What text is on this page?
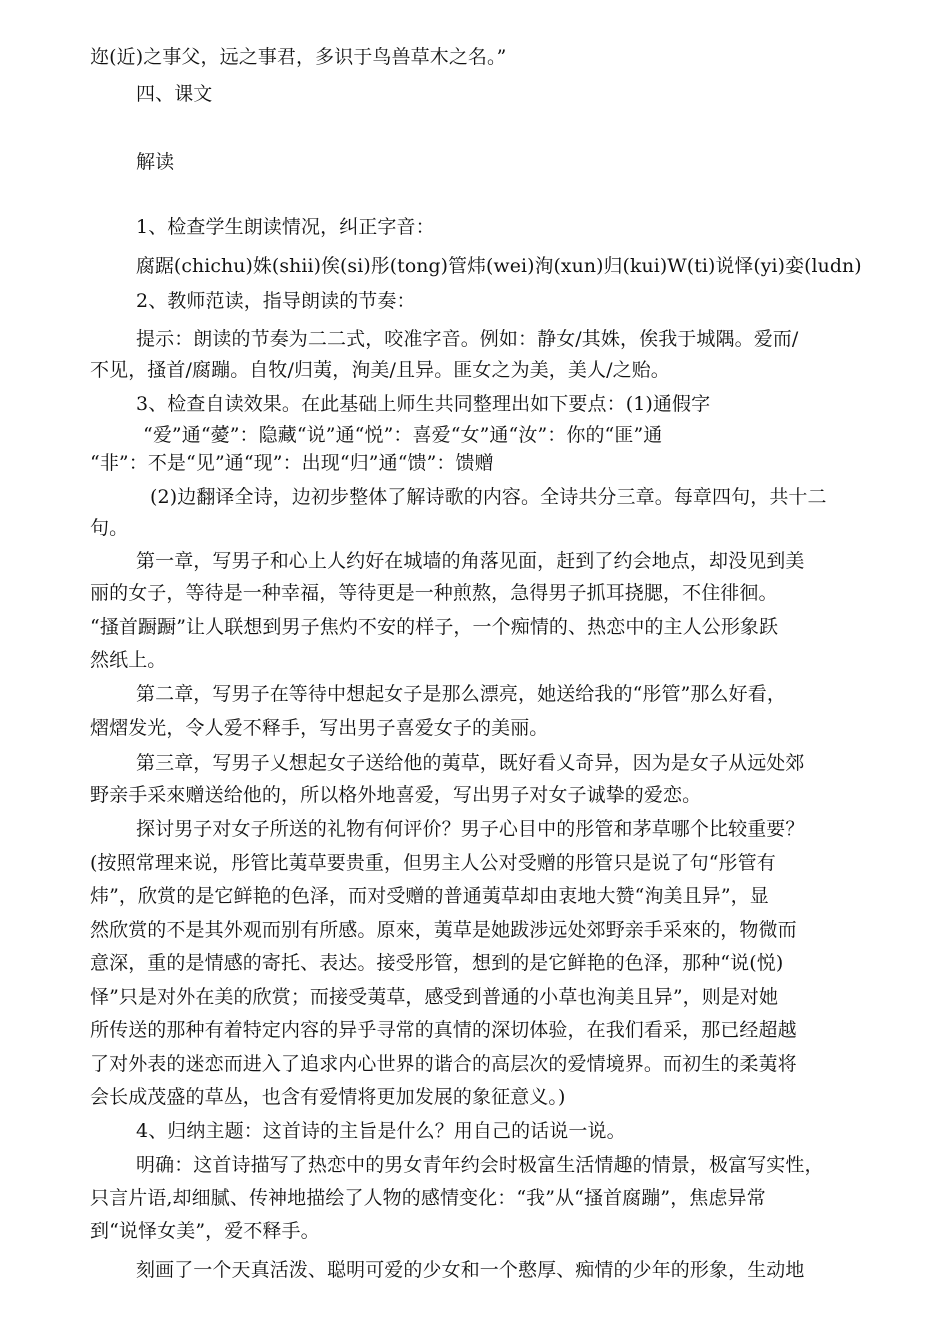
迩(近)之事父，远之事君，多识于鸟兽草木之名。”
四、课文
解读
1、检查学生朗读情况，纠正字音：
腐踞(chichu)姝(shii)俟(si)彤(tong)管炜(wei)洵(xun)归(kui)W(ti)说怿(yi)娈(ludn)
2、教师范读，指导朗读的节奏：
提示：朗读的节奏为二二式，咬准字音。例如：静女/其姝，俟我于城隅。爱而/
不见，搔首/腐蹦。自牧/归荑，洵美/且异。匪女之为美，美人/之贻。
3、检查自读效果。在此基础上师生共同整理出如下要点：(1)通假字
“爱”通“薆”：隐藏“说”通“悦”：喜爱“女”通“汝”：你的“匪”通
“非”：不是“见”通“现”：出现“归”通“馈”：馈赠
(2)边翻译全诗，边初步整体了解诗歌的内容。全诗共分三章。每章四句，共十二
句。
第一章，写男子和心上人约好在城墙的角落见面，赶到了约会地点，却没见到美
丽的女子，等待是一种幸福，等待更是一种煎熬，急得男子抓耳挠腮，不住徘徊。
“搔首蹰蹰”让人联想到男子焦灼不安的样子，一个痴情的、热恋中的主人公形象跃
然纸上。
第二章，写男子在等待中想起女子是那么漂亮，她送给我的“彤管”那么好看，
熠熠发光，令人爱不释手，写出男子喜爱女子的美丽。
第三章，写男子乂想起女子送给他的荑草，既好看乂奇异，因为是女子从远处郊
野亲手采來赠送给他的，所以格外地喜爱，写出男子对女子诚挚的爱恋。
探讨男子对女子所送的礼物有何评价？男子心目中的彤管和茅草哪个比较重要？
(按照常理来说，彤管比荑草要贵重，但男主人公对受赠的彤管只是说了句“彤管有
炜”，欣赏的是它鲜艳的色泽，而对受赠的普通荑草却由衷地大赞“洵美且异”，显
然欣赏的不是其外观而别有所感。原來，荑草是她跋涉远处郊野亲手采來的，物微而
意深，重的是情感的寄托、表达。接受彤管，想到的是它鲜艳的色泽，那种“说(悦)
怿”只是对外在美的欣赏；而接受荑草，感受到普通的小草也洵美且异”，则是对她
所传送的那种有着特定内容的异乎寻常的真情的深切体验，在我们看采，那已经超越
了对外表的迷恋而进入了追求内心世界的谐合的高层次的爱情境界。而初生的柔荑将
会长成茂盛的草丛，也含有爱情将更加发展的象征意义。)
4、归纳主题：这首诗的主旨是什么？用自己的话说一说。
明确：这首诗描写了热恋中的男女青年约会时极富生活情趣的情景，极富写实性，
只言片语,却细腻、传神地描绘了人物的感情变化：“我”从“搔首腐蹦”，焦虑异常
到“说怿女美”，爱不释手。
刻画了一个天真活泼、聪明可爱的少女和一个憨厚、痴情的少年的形象，生动地
